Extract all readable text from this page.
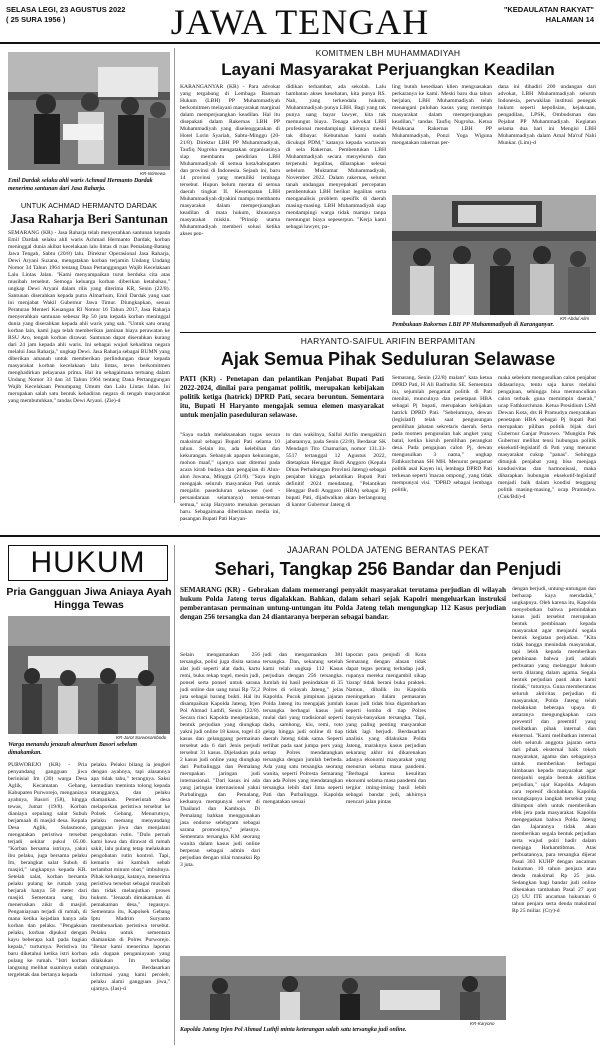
SELASA LEGI, 23 AGUSTUS 2022
( 25 SURA 1956 )	JAWA TENGAH	"KEDAULATAN RAKYAT"
HALAMAN 14
KR-Istimewa
Emil Dardak selaku ahli waris Achmad Hermanto Dardak menerima santunan dari Jasa Raharja.
UNTUK ACHMAD HERMANTO DARDAK
Jasa Raharja Beri Santunan
SEMARANG (KR) - Jasa Raharja telah menyerahkan santunan kepada Emil Dardak selaku ahli waris Achmad Hermanto Dardak, korban meninggal dunia akibat kecelakaan lalu lintas di ruas Pemalang-Batang Jawa Tengah, Sabtu (20/8) lalu. Direktur Operasional Jasa Raharja, Dewi Aryani Suzana, mengatakan korban terjamin Undang Undang Nomor 34 Tahun 1964 tentang Dana Pertanggungan Wajib Kecelakaan Lalu Lintas Jalan. "Kami menyampaikan turut berduka cita atas musibah tersebut. Semoga keluarga korban diberikan ketabahan," ungkap Dewi Aryani dalam rilis yang diterima KR, Senin (22/8). Santunan diserahkan kepada putra Almarhum, Emil Dardak yang saat ini menjabat Wakil Gubernur Jawa Timur. Diungkapkan, sesuai Peraturan Menteri Keuangan RI Nomor 16 Tahun 2017, Jasa Raharja menyerahkan santunan sebesar Rp 50 juta kepada korban meninggal dunia yang diserahkan kepada ahli waris yang sah. "Untuk satu orang korban lain, kami juga telah memberikan jaminan biaya perawatan ke RSU Aro, tengah korban dirawat. Santunan dapat diserahkan kurang dari 24 jam kepada ahli waris. Ini sebagai wujud kehadiran negara melalui Jasa Raharja," ungkap Dewi. Jasa Raharja sebagai BUMN yang diberikan amanah untuk memberikan perlindungan dasar kepada masyarakat korban kecelakaan lalu lintas, terus berkomitmen menghadirkan pelayanan prima. Hal itu sebagaimana tertuang dalam Undang Nomor 33 dan 34 Tahun 1964 tentang Dana Pertanggungan Wajib Kecelakaan Penumpang Umum dan Lalu Lintas Jalan. Ini merupakan salah satu bentuk kehadiran negara di tengah masyarakat yang membutuhkan," tandas Dewi Aryani. (Zie)-d
KOMITMEN LBH MUHAMMADIYAH
Layani Masyarakat Perjuangkan Keadilan
KARANGANYAR (KR) - Para advokat yang tergabung di Lembaga Bantuan Hukum (LBH) PP Muhammadiyah berkomitmen melayani masyarakat marginal dalam memperjuangkan keadilan. Hal itu disepakati dalam Rakernas LBH PP Muhammadiyah yang diselenggarakan di Hotel Lorin Syariah, Sabtu-Minggu (20-21/8). Direktur LBH PP Muhammadiyah, Taufiq Nugroha mengatakan organisasinya siap membantu pendirian LBH Muhammadiyah di semua kota/kabupaten dan provinsi di Indonesia. Sejauh ini, baru 14 provinsi yang memiliki lembaga tersebut. Hupun belum merata di semua daerah tingkat II. Kesempatan LBH Muhammadiyah diyakini mampu membantu masyarakat dalam memperjuangkan keadilan di mata hukum, khususnya masyarakat miskin. "Prinsip utama Muhammadiyah memberi solusi ketika akses pen-
didikan terhambat, ada sekolah. Lalu hambatan akses kesehatan, kita punya RS. Nah, yang terkendala hukum, Muhammadiyah punya LBH. Bagi yang tak punya uang bayar lawyer, kita tak memungut biaya. Tenaga advokat LBH profesional mendampingi kliennya meski tak dibayar. Kebutuhan kami sudah dicukupi PDM," katanya kepada wartawan di sela Rakernas. Pembentukan LBH Muhammadiyah secara menyeluruh dan terpenuhi legalitas, diharapkan selesai sebelum Muktamar Muhammadiyah, November 2022. Dalam rakernas, selurut tanah undangan menyepakati percepatan pembentukan LBH berikut legalitas serta menganalisis problem spesifik di daerah masing-masing. LBH Muhammadiyah siap mendampingi warga tidak mampu tanpa memungut biaya sepeserpun. "Kerja kami sebagai lawyer, pa-
ling butuh kesediaan klien menguasakan perkaranya ke kami. Meski baru dua tahun berjalan, LBH Muhammadiyah telah menangani puluhan kasus yang menimpa masyarakat dalam memperjuangkan keadilan," tandas Taufiq Nugroha. Ketua Pelaksana Rakernas LBH PP Muhammadiyah, Ponzi Yoga Wiguna mengatakan rakernas per-
dana ini dihadiri 200 undangan dari advokat, LBH Muhammadiyah seluruh Indonesia, perwakilan institusi penegak hukum seperti kepolisian, kejaksaan, pengadilan, LPSK, Ombudsman dan Pejabat PP Muhammadiyah. Kegiatan selama dua hari ini Mengisi LBH Muhammadiyah dalam Amal Ma'ruf Nahi Munkar. (Lim)-d
KR-Abdul Alim
Pembukaan Rakornas LBH PP Muhammadiyah di Karanganyar.
HARYANTO-SAIFUL ARIFIN BERPAMITAN
Ajak Semua Pihak Seduluran Selawase
PATI (KR) - Penetapan dan pelantikan Penjabat Bupati Pati 2022-2024, dinilai para pengamat politik, merupakan kebijakan politik ketiga (hatrick) DPRD Pati, secara beruntun. Sementara itu, Bupati H Haryanto mengajak semua elemen masyarakat untuk menjalin paseduluran selawase.
"Saya sudah melaksanakan tugas secara maksimal sebagai Bupati Pati selama 10 tahun. Selain itu, ada kelebihan dan kekurangan. Sebanyak apapun kekurangan, mohon maaf," ujarnya saat ditemui pada acara kirab budaya dan pengajian di Alun-alun Juwana, Minggu (21/8). "Saya ingin mengajak seluruh masyarakat Pati untuk menjalin paseduluran selawase (sed - persaudaraan selamanya) teman-teman semua," ucap Haryanto menahan perasaan haru. Sebagaimana diberitakan media ini, pasangan Bupati Pati Haryan-
to dan wakilnya, Saiful Arifin mengakhiri jabatannya, pada Senin (22/8). Berdasar SK Mendagri Tito Chamarian, nomor 131.33-5517 tertanggal 12 Agustus 2022, ditetapkan Henggar Budi Anggoro (Kepala Dinas Perhubungan Provinsi Jateng) sebagai penjabat hingga pelantikan Bupati Pati definitif 2024 mendatang. "Pelantikan Henggar Budi Anggoro (HBA) sebagai Pj bupati Pati, dijadwalkan akan berlangsung di kantor Gubernur Jateng di
Semarang, Senin (22/8) malam" kata ketua DPRD Pati, H Ali Badrudin SE. Sementara itu, sejumlah pengamat politik di Pati menilai, munculnya dan penetapan HBA sebagai Pj bupati, merupakan kebijakan hatrick DPRD Pati. "Sebelumnya, dewan (legislatif) telah saat pengusungan pemilihan jabatan sekretaris daerah. Serta pada momen pengusulan hak angket yang batal, ketika kisruh pemilihan perangkat desa. Pada pengajuan calon Pj, dewan mengusulkan 3 nama," ungkap Fathkurchman SH MH. Menurut pengamat politik asal Kayen ini, lembaga DPRD Pati terkesan seperti 'macan ompong', yang tidak mempunyai visi. "DPRD sebagai lembaga politik,
maka sebelum mengusulkan calon penjabat didasarinya, tentu saja harus melalui pengajuan, sehingga bisa memunculkan calon terbaik guna memimpin daerah," ucap Fathkurchman. Ketua Presidium LSM Dewan Kota, drs H Pramudya menyatakan penetapan HBA sebagai Pj bupati Pati merupakan pilihan politik bijak dari Gubernur Ganjar Pranowo. "Mungkin Pak Gubernur melihat tensi hubungan politik eksekutif-legislatif di Pati yang menurut masyarakat cukup "panas". Sehingga ditunjuk penjabat yang bisa menjaga kondusivitas dan harmonisasi, maka diharapkan hubungan eksekutif-legislatif menjadi baik dalam kondisi tenggang politik masing-masing," ucap Pramudya. (Cuk/Bdi)-d
HUKUM
Pria Gangguan Jiwa Aniaya Ayah Hingga Tewas
KR-Jarot Sarwosambodo
Warga menandu jenazah almarhum Basori sebelum dimakamkan.
PURWOREJO (KR) - Pria penyandang gangguan jiwa berinisial Im (30) warga Desa Aglik, Kecamatan Gebang, Kabupaten Purworejo, menganiaya ayahnya, Basori (58), hingga tewas, Jumat (19/8). Korban dianiaya sepulang salat Subuh berjamaah di masjid desa. Kepala Desa Aglik, Sulasmono, mengatakan peristiwa tersebut terjadi sekitar pukul 05.00. "Korban bersama istrinya, yakni ibu pelaku, juga bersama pelaku Im, berangkat salat Subuh di masjid," ungkapnya kepada KR. Setelah salat, korban bersama pelaku pulang ke rumah yang berjarak hanya 50 meter dari masjid. Sementara sang ibu meneruskan zikir di masjid. Penganiayaan terjadi di rumah, di mana ketika kejadian hanya ada korban dan pelaku. "Pengakuan pelaku, korban dipukul dengan kayu beberapa kali pada bagian kepala," turturnya. Peristiwa itu baru diketahui ketika istri korban pulang ke rumah. "Istri korban langsung melihat suaminya sudah tergeletak dan bertanya kepada
pelaku. Pelaku bilang ia jengkel dengan ayahnya, tapi alasannya apa tidak tahu," terangnya. Saksi kemudian meminta tolong kepada tetangganya, dan pelaku diamankan. Pemerintah desa melaporkan peristiwa tersebut ke Polsek Gebang. Menurutnya, pelaku memang menyandang gangguan jiwa dan menjalani pengobatan rutin. "Dulu pernah kami bawa dan dirawat di rumah sakit, lalu pulang tetap melakukan pengobatan rutin kontrol. Tapi, kemarin ini kambuh sebab terlambat minum obat," imbuhnya. Pihak keluarga, katanya, menerima peristiwa tersebut sebagai musibah dan tidak melanjutkan proses hukum. "Jenazah dimakamkan di pemakaman desa," tegasnya. Sementara itu, Kapolsek Gebang Iptu Madrim Suryanto membenarkan peristiwa tersebut. Pelaku untuk sementara diamankan di Polres Purworejo. "Benar kami menerima laporan ada dugaan penganiayaan yang dilakukan Im terhadap orangtuanya. Berdasarkan informasi yang kami peroleh, pelaku alami gangguan jiwa," ujarnya. (Jas)-d
JAJARAN POLDA JATENG BERANTAS PEKAT
Sehari, Tangkap 256 Bandar dan Penjudi
SEMARANG (KR) - Gebrakan dalam memerangi penyakit masyarakat terutama perjudian di wilayah hukum Polda Jateng terus digalakkan. Bahkan, dalam sehari sejak Kapolri mengeluarkan instruksi pemberantasan permainan untung-untungan itu Polda Jateng telah mengungkap 112 Kasus perjudian dengan 256 tersangka dan 24 diantaranya berperan sebagai bandar.
Selain mengamankan 256 tersangka, polisi juga disita sarana alat judi seperti alat dadu, kartu remi, buku rekap togel, mesin judi, ponsel serta ponsel untuk sarana judi online dan uang tunai Rp 72,2 juta sebagai barang bukti. Hal itu disampaikan Kapolda Jateng, Irjen Pol Ahmad Luthfi, Senin (22/8). Secara rinci Kapolda menjelaskan, bentuk perjudian yang diungkap yakni judi online 18 kasus, togel 43 kasus dan gelanggang permainan tersebut ada 6 dari Jenis perjudi tersebut 31 kasus. Dijelaskan pula 2 kasus judi online yang diungkap dari Purbalingga dan Pemalang merupakan jaringan judi internasional. "Dari kasus ini ada yang jaringan internasional yakni Purbalingga dan Pemalang, keduanya mempunyai server di Thailand dan Kamboja. Di Pemalang bahkan menggunakan jasa endorse selebgram sebagai sarana promosinya," jelasnya. Sementara tersangka KM seorang wanita dalam kasus judi online berperan sebagai admin dari perjudian dengan nilai transaksi Rp 3 juta.
judi dan mengamankan 381 tersangka. Dan, sekarang setelah kami telah ungkap 112 Kasus perjudian dengan 256 tersangka. Jumlah ini hasil penindakan di 35 Polres di wilayah Jateng," jelas Kapolda. Pucuk pimpinan jajaran Polda Jateng itu mengajak jumlah tersangka berbagai kasus judi mulai dari yang tradisional seperti dadu, samhong, kiu, remi, toto gelap hingga judi online di tiap daerah Jateng tidak sama. Seperti terlihat pada saat jumpa pers yang setiap Polres mendatangkan tersangka dengan jumlah berbeda. Ada yang satu tersangka seorang wanita, seperti Polresta Semarang dan ada Polres yang mendatangkan tersangka lebih dari lima seperti Pati dan Purbalingga. Kapolda mengatakan sesuai
laporan para penjudi di Kota Semarang dengan alasan tidak dapat tegas perang terhadap judi, rupanya mereka mengambil sikap 'tiarap' tidak berani buka praktek. Namun, dibalik itu Kapolda meningatkan dalam pemasaran kasus judi tidak bisa digambarkan seperti lomba di tiap Polres banyak-banyakan tersangka. Tapi, yang paling penting masyarakat tidak lagi berjudi. Berdasarkan analisis yang dilakukan Polda Jateng, maraknya kasus perjudian sekarang akhir ini dikarenakan adanya ekonomi masyarakat yang menurun selama masa pandemi. "Berbagai karena kesulitan ekonomi selama masa pandemi dan tergiur iming-iming hasil lebih sebagai bandar judi, akhirnya mencari jalan pintas
dengan berjudi, untung-untungan dan berharap kaya mendadak," ungkapnya. Oleh karena itu, Kapolda menyebutkan bahwa pemindakan kasus judi tersebut merupakan bentuk pembinaan kepada masyarakat agar menjauhi segala bentuk kegiatan perjudian. "Kita tidak bangga menindak masyarakat, tapi lebih kepada memberikan pembinaan bahwa judi adalah perbuatan yang melanggar hukum serta dilarang dalam agama. Segala bentuk perjudian pasti akan kami tindak," tuturnya. Guna memberantas seluruh aktivitas perjudian di masyarakat, Polda Jateng telah melakukan beberapa upaya di antaranya mengungkapkan cara preventif dan preemtif yang melibatkan pihak internal dan eksternal. "Kami melibatkan internal oleh seluruh anggota jajaran serta dari pihak eksternal baik tokoh masyarakat, agama dan sebagainya untuk memberikan berbagai himbauan kepada masyarakat agar menjauhi segala bentuk aktifitas perjudian," ujar Kapolda. Adapun cara represif dicubahkan Kapolda terungkapnya langkah tersebut yang dihimpun oleh untuk memberikan efek jera pada masyarakat. Kapolda mengegaskan bahwa Polda Jateng dan Jajarannya tidak akan memberikan segala bentuk perjudian serta wujud polri hadir dalam menjaga Harkamtibmas. Atas perbuatannya, para tersangka dijerat Pasal 303 KUHP dengan ancaman hukuman 10 tahun penjara atau denda maksimal Rp 25 juta. Sedangkan bagi bandar judi online dikenakan tambahan Pasal 27 ayat (2) UU ITE ancaman hukuman 6 tahun penjara serta denda maksimal Rp 25 miliar. (Cry)-d
KR-Karyono
Kapolda Jateng Irjen Pol Ahmad Luthfi minta keterangan salah satu tersangka judi online.
